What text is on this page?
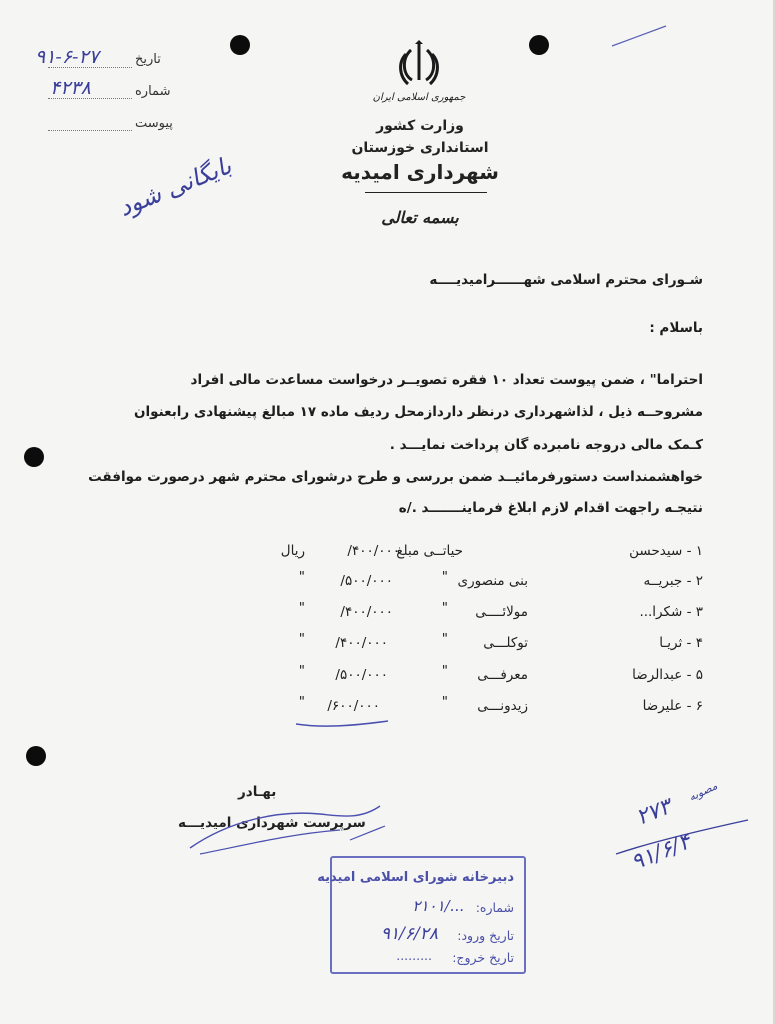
تاریخ
۹۱-۶-۲۷
شماره
۴۲۳۸
پیوست
جمهوری اسلامی ایران
وزارت کشور
استانداری خوزستان
شهرداری امیدیه
بسمه تعالی
بایگانی شود
شـورای محترم اسلامی شهــــــرامیدیــــه
باسلام :
احتراما" ، ضمن پیوست تعداد ۱۰ فقره تصویــر درخواست مساعدت مالی افراد
مشروحــه ذیل ، لذاشهرداری درنظر داردازمحل ردیف ماده ۱۷ مبالغ پیشنهادی رابعنوان
کـمک مالی دروجه نامبرده گان پرداخت نمایـــد .
خواهشمنداست دستورفرمائیــد ضمن بررسی و طرح درشورای محترم شهر درصورت موافقت
نتیجـه راجهت اقدام لازم ابلاغ فرماینـــــــد ./ه
۱ - سیدحسن
حیاتــی مبلغ
۴۰۰/۰۰۰/
ریال
۲ - جبریــه
بنی منصوری
"
۵۰۰/۰۰۰/
"
۳ - شکرا...
مولائــــی
"
۴۰۰/۰۰۰/
"
۴ - ثریـا
توکلـــی
"
۴۰۰/۰۰۰/
"
۵ - عبدالرضا
معرفـــی
"
۵۰۰/۰۰۰/
"
۶ - علیرضا
زیدونـــی
"
۶۰۰/۰۰۰/
"
بهـادر
سرپرست شهرداری امیدیـــه
مصوبه
۲۷۳
۹۱/۶/۴
دبیرخانه شورای اسلامی امیدیه
شماره:
۲۱۰۱/...
تاریخ ورود:
۹۱/۶/۲۸
تاریخ خروج:
.........
